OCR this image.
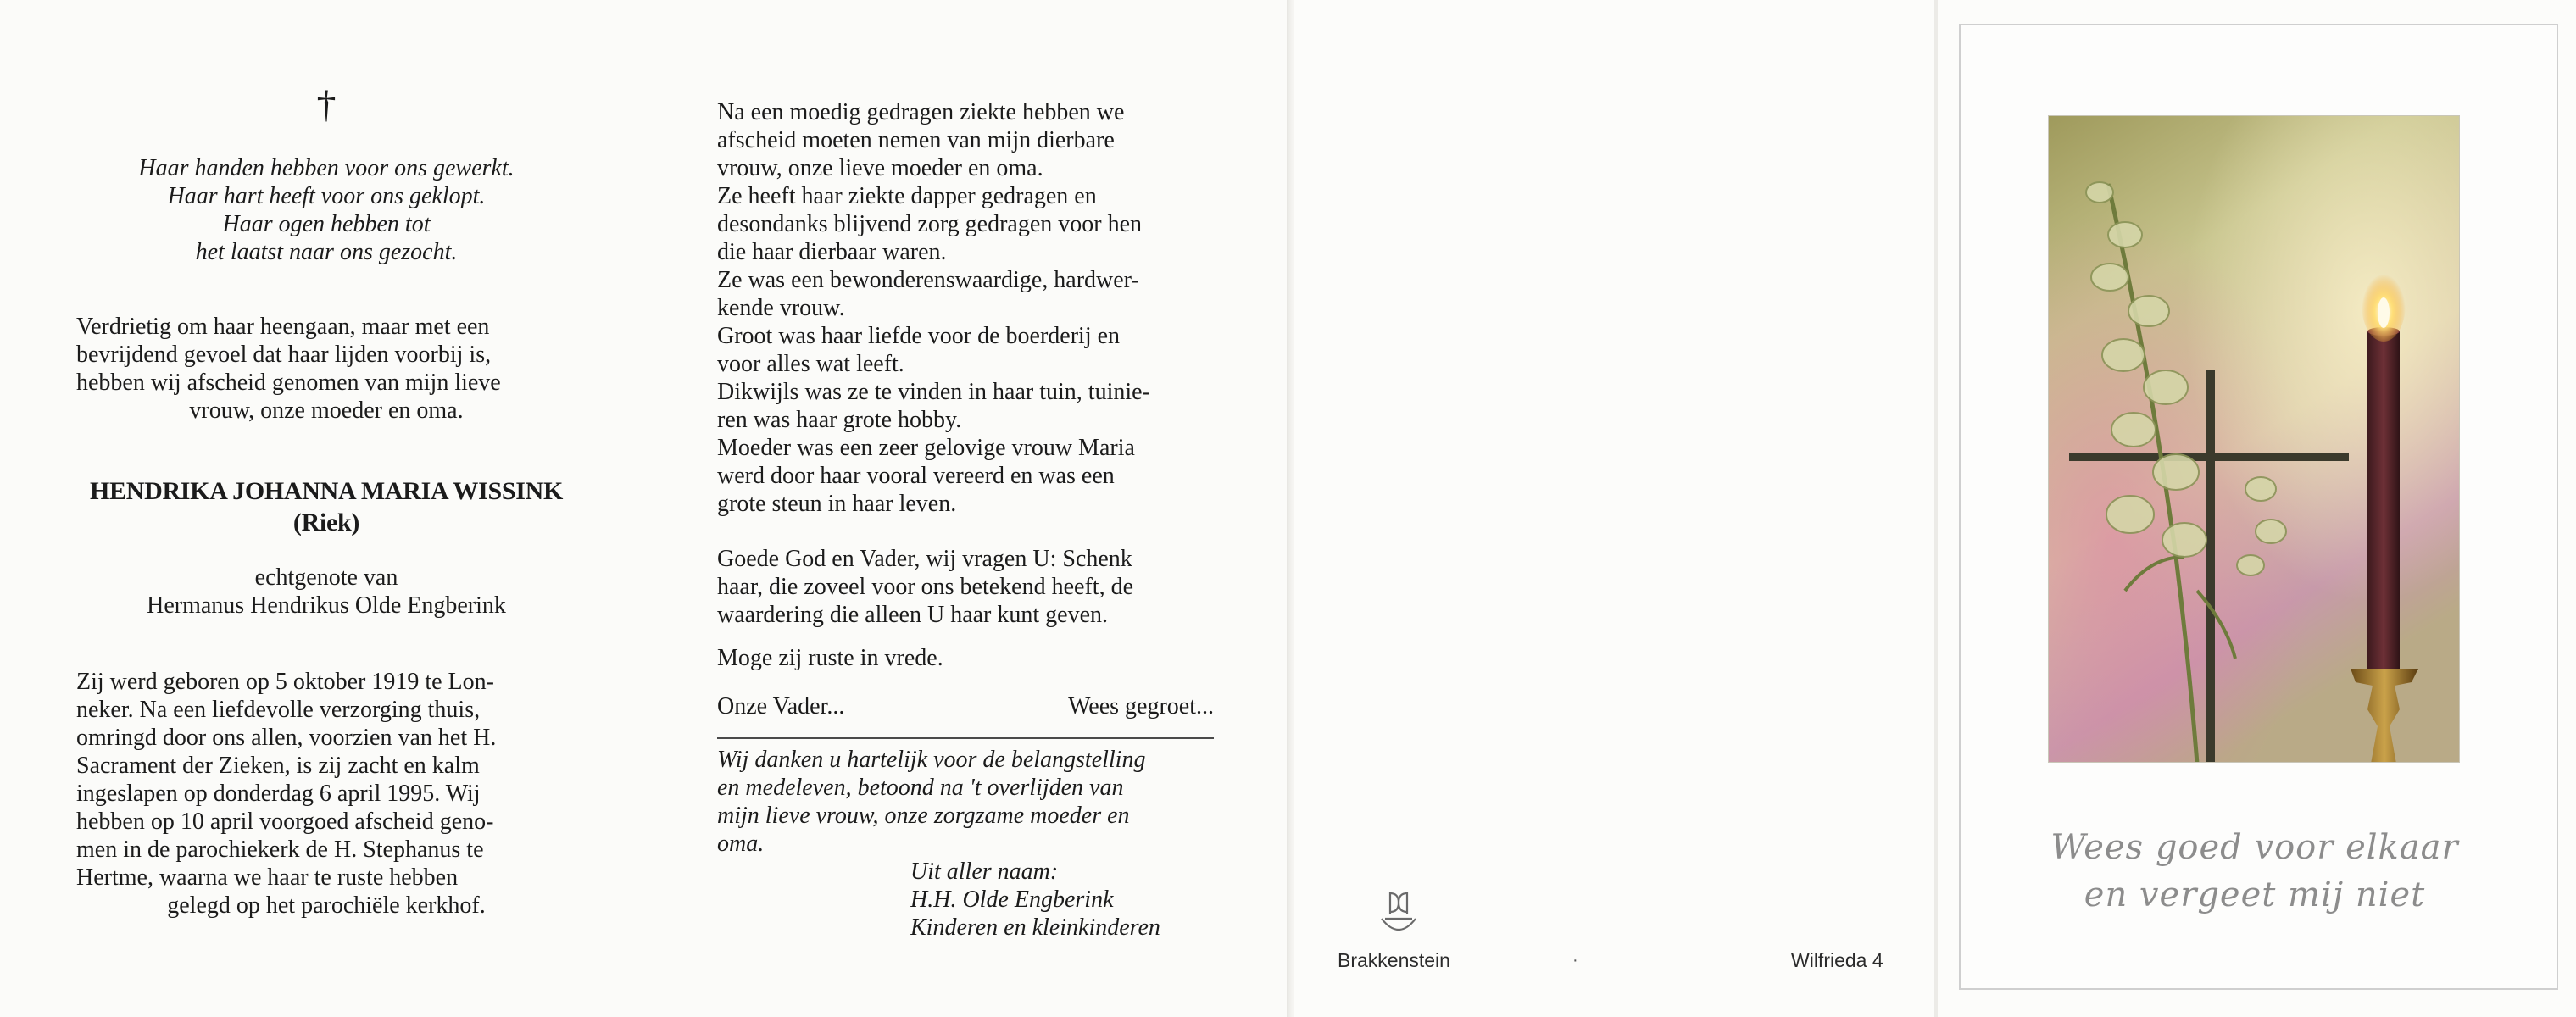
†
Haar handen hebben voor ons gewerkt.
Haar hart heeft voor ons geklopt.
Haar ogen hebben tot
het laatst naar ons gezocht.
Verdrietig om haar heengaan, maar met een
bevrijdend gevoel dat haar lijden voorbij is,
hebben wij afscheid genomen van mijn lieve
vrouw, onze moeder en oma.
HENDRIKA JOHANNA MARIA WISSINK
(Riek)
echtgenote van
Hermanus Hendrikus Olde Engberink
Zij werd geboren op 5 oktober 1919 te Lon-
neker. Na een liefdevolle verzorging thuis,
omringd door ons allen, voorzien van het H.
Sacrament der Zieken, is zij zacht en kalm
ingeslapen op donderdag 6 april 1995. Wij
hebben op 10 april voorgoed afscheid geno-
men in de parochiekerk de H. Stephanus te
Hertme, waarna we haar te ruste hebben
gelegd op het parochiële kerkhof.
Na een moedig gedragen ziekte hebben we
afscheid moeten nemen van mijn dierbare
vrouw, onze lieve moeder en oma.
Ze heeft haar ziekte dapper gedragen en
desondanks blijvend zorg gedragen voor hen
die haar dierbaar waren.
Ze was een bewonderenswaardige, hardwer-
kende vrouw.
Groot was haar liefde voor de boerderij en
voor alles wat leeft.
Dikwijls was ze te vinden in haar tuin, tuinie-
ren was haar grote hobby.
Moeder was een zeer gelovige vrouw Maria
werd door haar vooral vereerd en was een
grote steun in haar leven.
Goede God en Vader, wij vragen U: Schenk
haar, die zoveel voor ons betekend heeft, de
waardering die alleen U haar kunt geven.
Moge zij ruste in vrede.
Onze Vader...	Wees gegroet...
Wij danken u hartelijk voor de belangstelling
en medeleven, betoond na 't overlijden van
mijn lieve vrouw, onze zorgzame moeder en
oma.
Uit aller naam:
H.H. Olde Engberink
Kinderen en kleinkinderen
Brakkenstein	·	Wilfrieda 4
Wees goed voor elkaar
en vergeet mij niet
